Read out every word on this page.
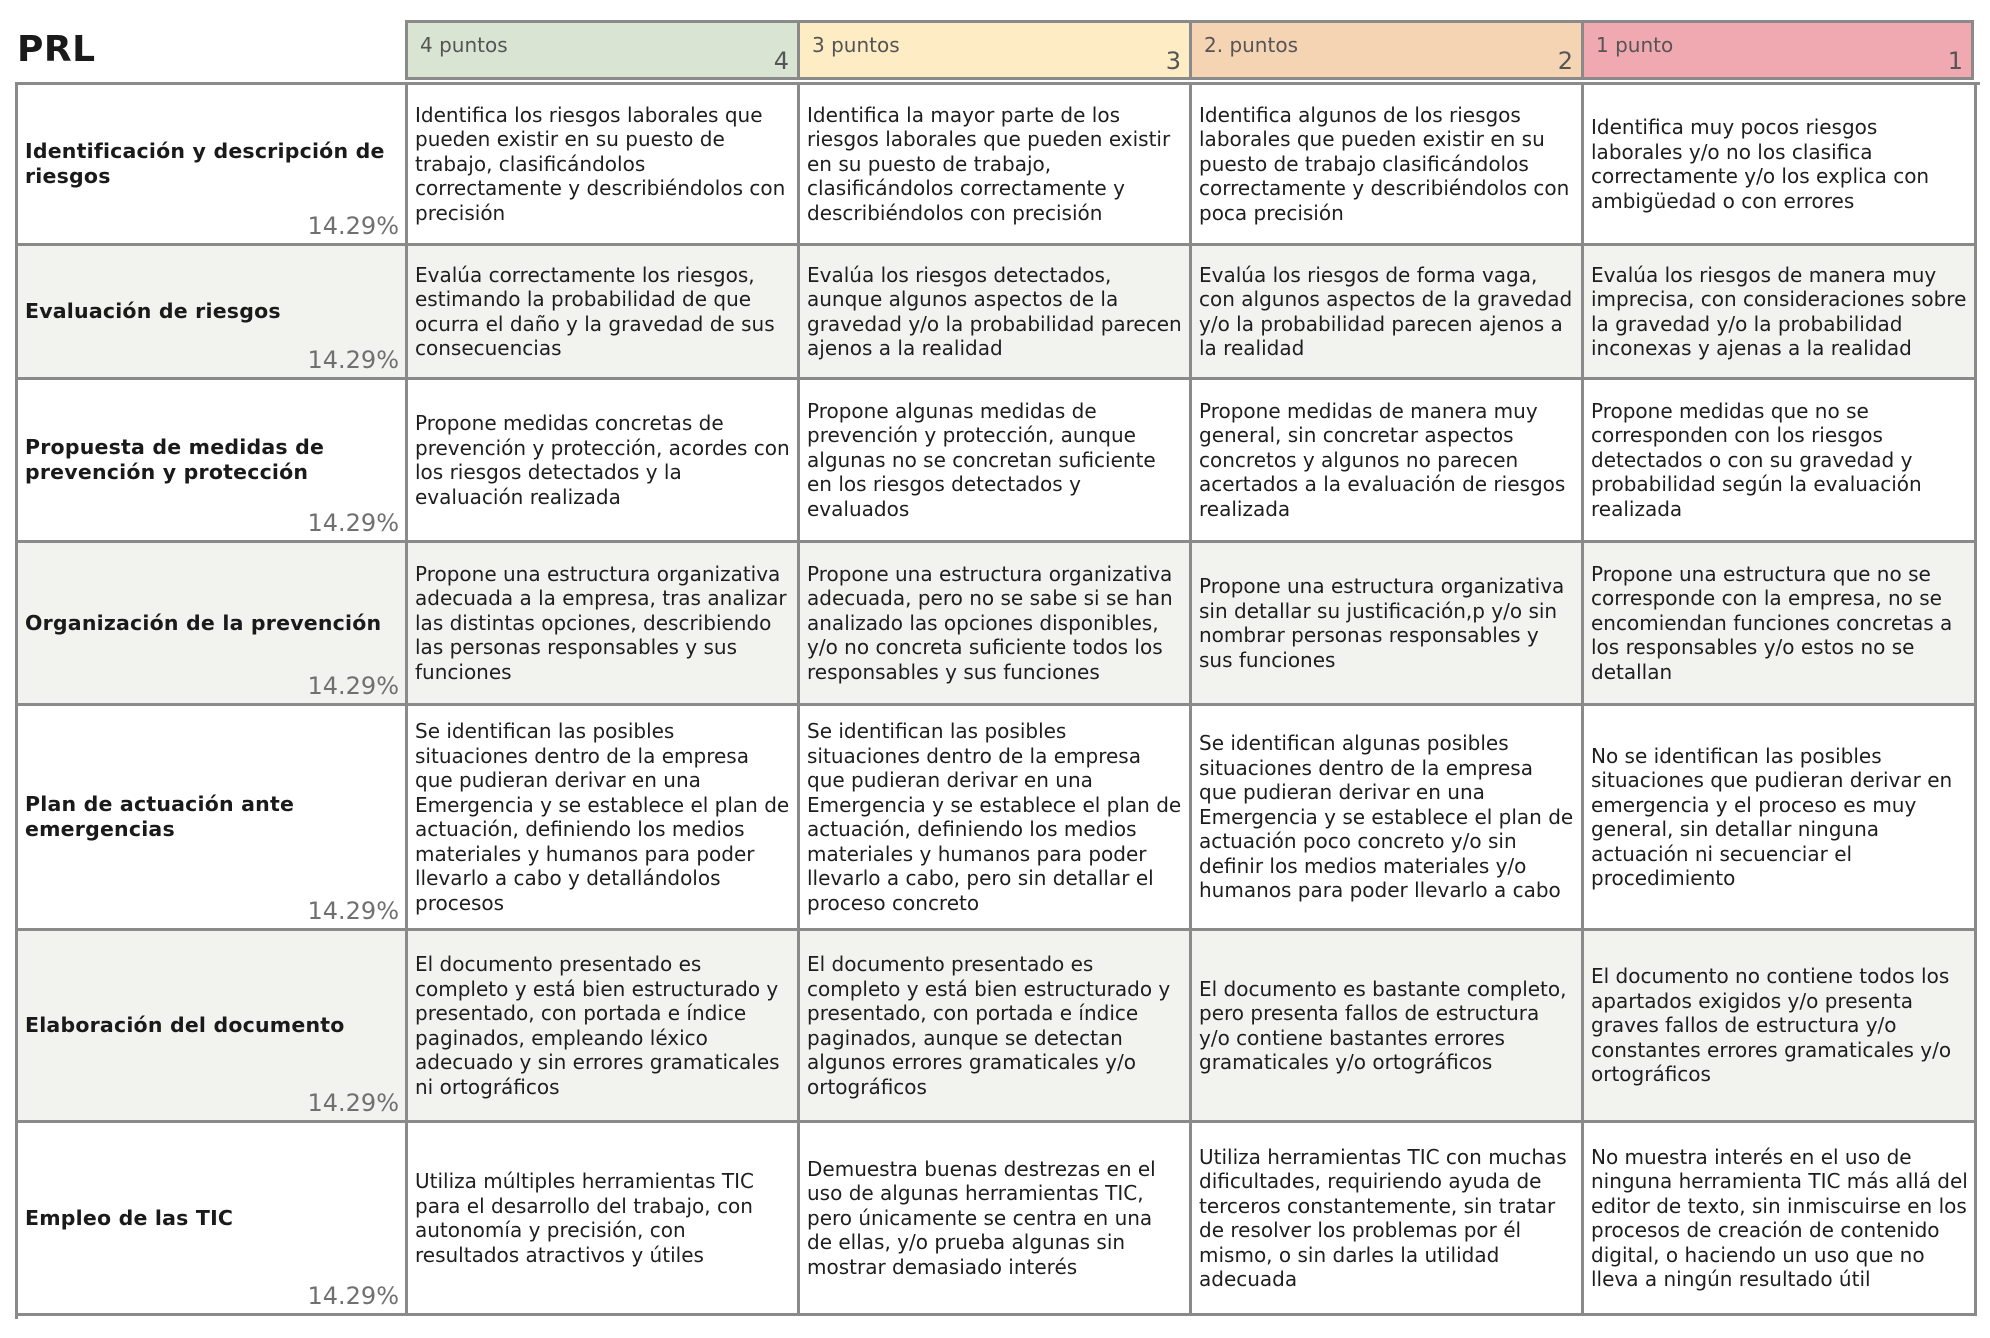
PRL	4 puntos
4
3 puntos
3
2. puntos
2
1 punto
1
Identificación y descripción de riesgos
14.29%
Identifica los riesgos laborales que pueden existir en su puesto de trabajo, clasificándolos correctamente y describiéndolos con precisión
Identifica la mayor parte de los riesgos laborales que pueden existir en su puesto de trabajo, clasificándolos correctamente y describiéndolos con precisión
Identifica algunos de los riesgos laborales que pueden existir en su puesto de trabajo clasificándolos correctamente y describiéndolos con poca precisión
Identifica muy pocos riesgos laborales y/o no los clasifica correctamente y/o los explica con ambigüedad o con errores
Evaluación de riesgos
14.29%
Evalúa correctamente los riesgos, estimando la probabilidad de que ocurra el daño y la gravedad de sus consecuencias
Evalúa los riesgos detectados, aunque algunos aspectos de la gravedad y/o la probabilidad parecen ajenos a la realidad
Evalúa los riesgos de forma vaga, con algunos aspectos de la gravedad y/o la probabilidad parecen ajenos a la realidad
Evalúa los riesgos de manera muy imprecisa, con consideraciones sobre la gravedad y/o la probabilidad inconexas y ajenas a la realidad
Propuesta de medidas de prevención y protección
14.29%
Propone medidas concretas de prevención y protección, acordes con los riesgos detectados y la evaluación realizada
Propone algunas medidas de prevención y protección, aunque algunas no se concretan suficiente en los riesgos detectados y evaluados
Propone medidas de manera muy general, sin concretar aspectos concretos y algunos no parecen acertados a la evaluación de riesgos realizada
Propone medidas que no se corresponden con los riesgos detectados o con su gravedad y probabilidad según la evaluación realizada
Organización de la prevención
14.29%
Propone una estructura organizativa adecuada a la empresa, tras analizar las distintas opciones, describiendo las personas responsables y sus funciones
Propone una estructura organizativa adecuada, pero no se sabe si se han analizado las opciones disponibles, y/o no concreta suficiente todos los responsables y sus funciones
Propone una estructura organizativa sin detallar su justificación,p y/o sin nombrar personas responsables y sus funciones
Propone una estructura que no se corresponde con la empresa, no se encomiendan funciones concretas a los responsables y/o estos no se detallan
Plan de actuación ante emergencias
14.29%
Se identifican las posibles situaciones dentro de la empresa que pudieran derivar en una Emergencia y se establece el plan de actuación, definiendo los medios materiales y humanos para poder llevarlo a cabo y detallándolos procesos
Se identifican las posibles situaciones dentro de la empresa que pudieran derivar en una Emergencia y se establece el plan de actuación, definiendo los medios materiales y humanos para poder llevarlo a cabo, pero sin detallar el proceso concreto
Se identifican algunas posibles situaciones dentro de la empresa que pudieran derivar en una Emergencia y se establece el plan de actuación poco concreto y/o sin definir los medios materiales y/o humanos para poder llevarlo a cabo
No se identifican las posibles situaciones que pudieran derivar en emergencia y el proceso es muy general, sin detallar ninguna actuación ni secuenciar el procedimiento
Elaboración del documento
14.29%
El documento presentado es completo y está bien estructurado y presentado, con portada e índice paginados, empleando léxico adecuado y sin errores gramaticales ni ortográficos
El documento presentado es completo y está bien estructurado y presentado, con portada e índice paginados, aunque se detectan algunos errores gramaticales y/o ortográficos
El documento es bastante completo, pero presenta fallos de estructura y/o contiene bastantes errores gramaticales y/o ortográficos
El documento no contiene todos los apartados exigidos y/o presenta graves fallos de estructura y/o constantes errores gramaticales y/o ortográficos
Empleo de las TIC
14.29%
Utiliza múltiples herramientas TIC para el desarrollo del trabajo, con autonomía y precisión, con resultados atractivos y útiles
Demuestra buenas destrezas en el uso de algunas herramientas TIC, pero únicamente se centra en una de ellas, y/o prueba algunas sin mostrar demasiado interés
Utiliza herramientas TIC con muchas dificultades, requiriendo ayuda de terceros constantemente, sin tratar de resolver los problemas por él mismo, o sin darles la utilidad adecuada
No muestra interés en el uso de ninguna herramienta TIC más allá del editor de texto, sin inmiscuirse en los procesos de creación de contenido digital, o haciendo un uso que no lleva a ningún resultado útil
